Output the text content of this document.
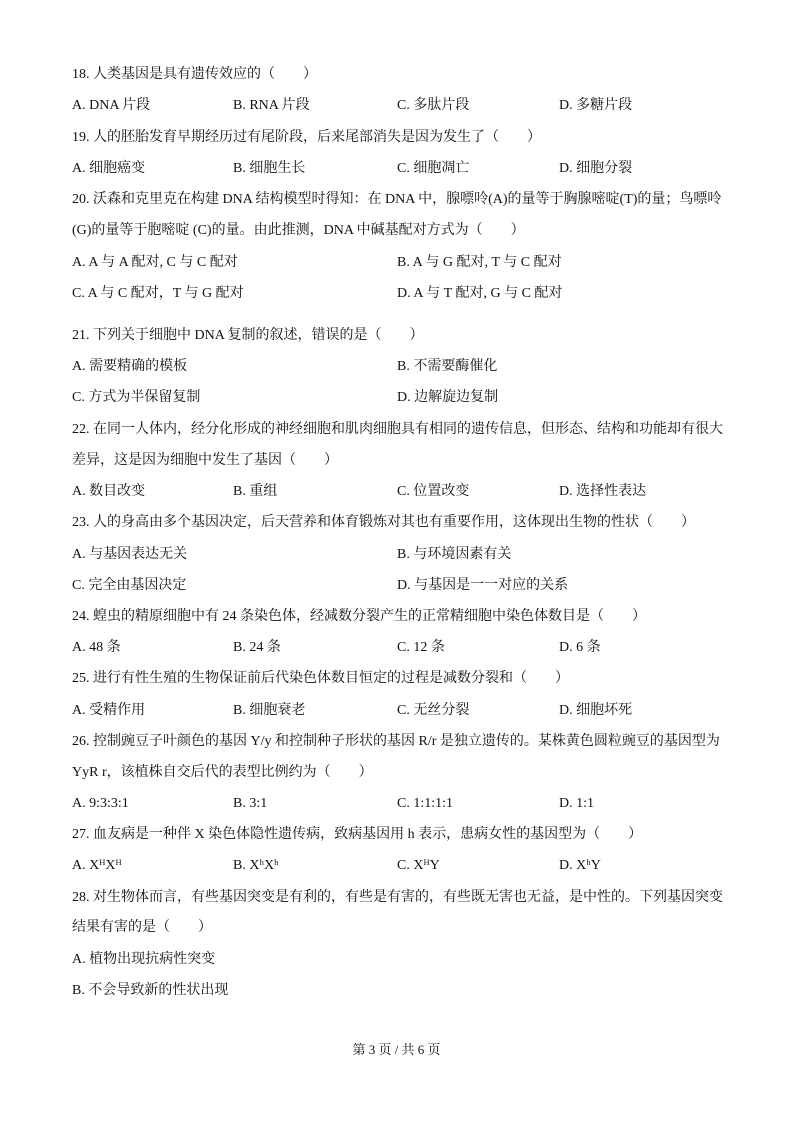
18. 人类基因是具有遗传效应的（　　）
A. DNA 片段	B. RNA 片段	C. 多肽片段	D. 多糖片段
19. 人的胚胎发育早期经历过有尾阶段，后来尾部消失是因为发生了（　　）
A. 细胞癌变	B. 细胞生长	C. 细胞凋亡	D. 细胞分裂
20. 沃森和克里克在构建 DNA 结构模型时得知：在 DNA 中，腺嘌呤(A)的量等于胸腺嘧啶(T)的量；鸟嘌呤
(G)的量等于胞嘧啶 (C)的量。由此推测，DNA 中碱基配对方式为（　　）
A. A 与 A 配对, C 与 C 配对	B. A 与 G 配对, T 与 C 配对
C. A 与 C 配对，T 与 G 配对	D. A 与 T 配对, G 与 C 配对
21. 下列关于细胞中 DNA 复制的叙述，错误的是（　　）
A. 需要精确的模板	B. 不需要酶催化
C. 方式为半保留复制	D. 边解旋边复制
22. 在同一人体内，经分化形成的神经细胞和肌肉细胞具有相同的遗传信息，但形态、结构和功能却有很大
差异，这是因为细胞中发生了基因（　　）
A. 数目改变	B. 重组	C. 位置改变	D. 选择性表达
23. 人的身高由多个基因决定，后天营养和体育锻炼对其也有重要作用，这体现出生物的性状（　　）
A. 与基因表达无关	B. 与环境因素有关
C. 完全由基因决定	D. 与基因是一一对应的关系
24. 蝗虫的精原细胞中有 24 条染色体，经减数分裂产生的正常精细胞中染色体数目是（　　）
A. 48 条	B. 24 条	C. 12 条	D. 6 条
25. 进行有性生殖的生物保证前后代染色体数目恒定的过程是减数分裂和（　　）
A. 受精作用	B. 细胞衰老	C. 无丝分裂	D. 细胞坏死
26. 控制豌豆子叶颜色的基因 Y/y 和控制种子形状的基因 R/r 是独立遗传的。某株黄色圆粒豌豆的基因型为
YyR r，该植株自交后代的表型比例约为（　　）
A. 9:3:3:1	B. 3:1	C. 1:1:1:1	D. 1:1
27. 血友病是一种伴 X 染色体隐性遗传病，致病基因用 h 表示，患病女性的基因型为（　　）
A. XᴴXᴴ	B. XʰXʰ	C. XᴴY	D. XʰY
28. 对生物体而言，有些基因突变是有利的，有些是有害的，有些既无害也无益，是中性的。下列基因突变
结果有害的是（　　）
A. 植物出现抗病性突变
B. 不会导致新的性状出现
第 3 页 / 共 6 页
